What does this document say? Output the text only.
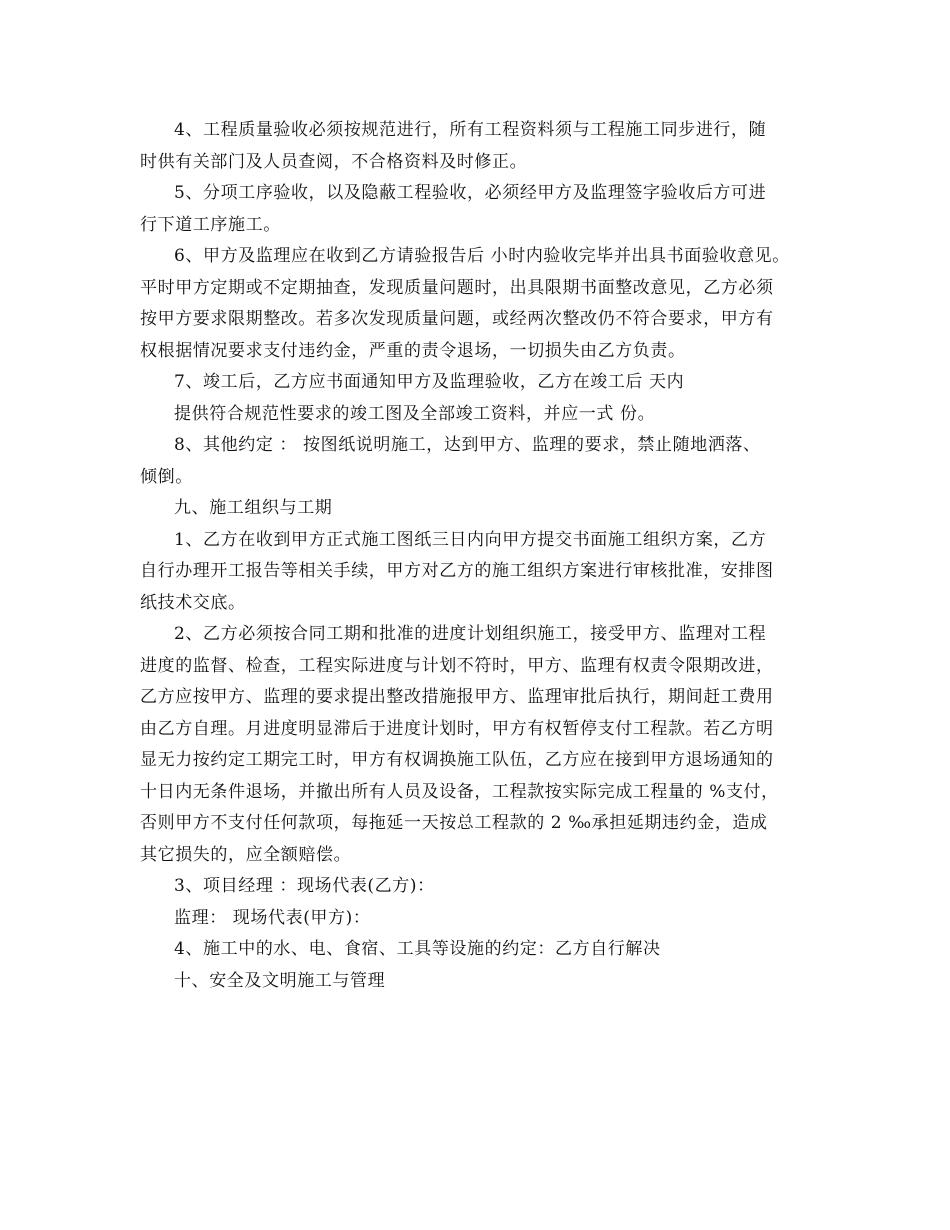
4、工程质量验收必须按规范进行，所有工程资料须与工程施工同步进行，随
时供有关部门及人员查阅，不合格资料及时修正。
5、分项工序验收，以及隐蔽工程验收，必须经甲方及监理签字验收后方可进
行下道工序施工。
6、甲方及监理应在收到乙方请验报告后 小时内验收完毕并出具书面验收意见。
平时甲方定期或不定期抽查，发现质量问题时，出具限期书面整改意见，乙方必须
按甲方要求限期整改。若多次发现质量问题，或经两次整改仍不符合要求，甲方有
权根据情况要求支付违约金，严重的责令退场，一切损失由乙方负责。
7、竣工后，乙方应书面通知甲方及监理验收，乙方在竣工后 天内
提供符合规范性要求的竣工图及全部竣工资料，并应一式 份。
8、其他约定 ： 按图纸说明施工，达到甲方、监理的要求，禁止随地洒落、
倾倒。
九、施工组织与工期
1、乙方在收到甲方正式施工图纸三日内向甲方提交书面施工组织方案，乙方
自行办理开工报告等相关手续，甲方对乙方的施工组织方案进行审核批准，安排图
纸技术交底。
2、乙方必须按合同工期和批准的进度计划组织施工，接受甲方、监理对工程
进度的监督、检查，工程实际进度与计划不符时，甲方、监理有权责令限期改进，
乙方应按甲方、监理的要求提出整改措施报甲方、监理审批后执行，期间赶工费用
由乙方自理。月进度明显滞后于进度计划时，甲方有权暂停支付工程款。若乙方明
显无力按约定工期完工时，甲方有权调换施工队伍，乙方应在接到甲方退场通知的
十日内无条件退场，并撤出所有人员及设备，工程款按实际完成工程量的 %支付，
否则甲方不支付任何款项，每拖延一天按总工程款的 2 ‰承担延期违约金，造成
其它损失的，应全额赔偿。
3、项目经理 ：现场代表(乙方)：
监理： 现场代表(甲方)：
4、施工中的水、电、食宿、工具等设施的约定：乙方自行解决
十、安全及文明施工与管理
